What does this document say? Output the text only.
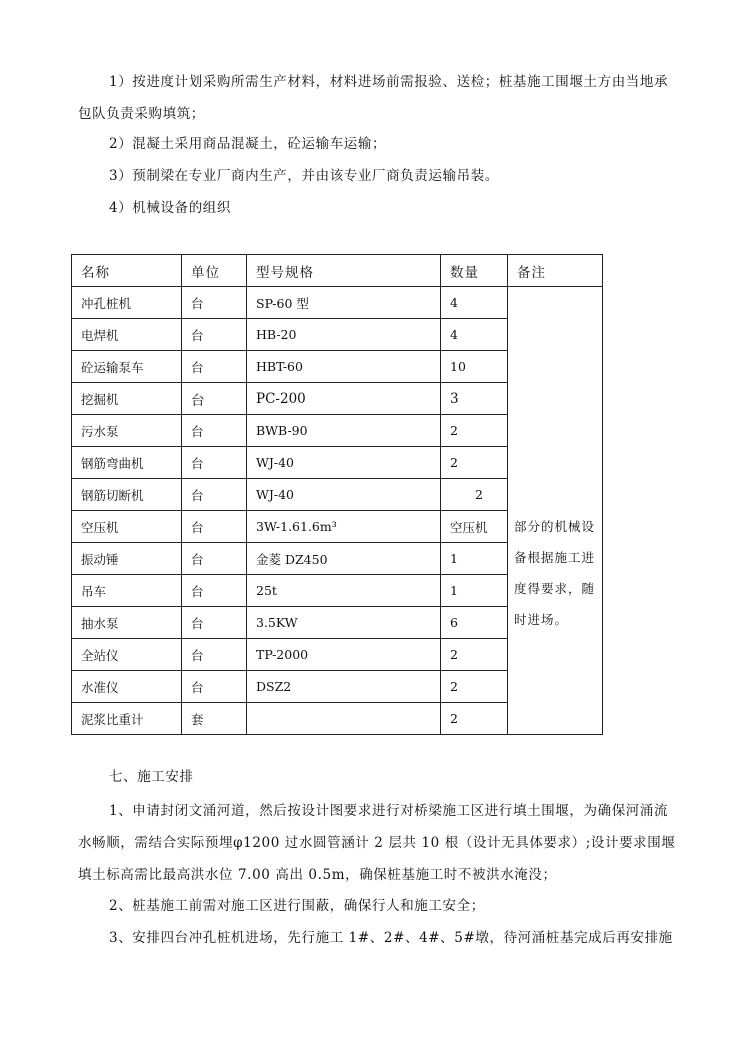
1）按进度计划采购所需生产材料，材料进场前需报验、送检；桩基施工围堰土方由当地承包队负责采购填筑；
2）混凝土采用商品混凝土，砼运输车运输；
3）预制梁在专业厂商内生产，并由该专业厂商负责运输吊装。
4）机械设备的组织
名称	单位	型号规格	数量	备注
冲孔桩机	台	SP-60 型	4	部分的机械设备根据施工进度得要求，随时进场。
电焊机	台	HB-20	4	
砼运输泵车	台	HBT-60	10	
挖掘机	台	PC-200	3	
污水泵	台	BWB-90	2	
钢筋弯曲机	台	WJ-40	2	
钢筋切断机	台	WJ-40	2	
空压机	台	3W-1.61.6m³	空压机	
振动锤	台	金菱 DZ450	1	
吊车	台	25t	1	
抽水泵	台	3.5KW	6	
全站仪	台	TP-2000	2	
水准仪	台	DSZ2	2	
泥浆比重计	套		2	
七、施工安排
1、申请封闭文涌河道，然后按设计图要求进行对桥梁施工区进行填土围堰，为确保河涌流水畅顺，需结合实际预埋φ1200 过水圆管涵计 2 层共 10 根（设计无具体要求）;设计要求围堰填土标高需比最高洪水位 7.00 高出 0.5m，确保桩基施工时不被洪水淹没；
2、桩基施工前需对施工区进行围蔽，确保行人和施工安全；
3、安排四台冲孔桩机进场，先行施工 1#、2#、4#、5#墩，待河涌桩基完成后再安排施
